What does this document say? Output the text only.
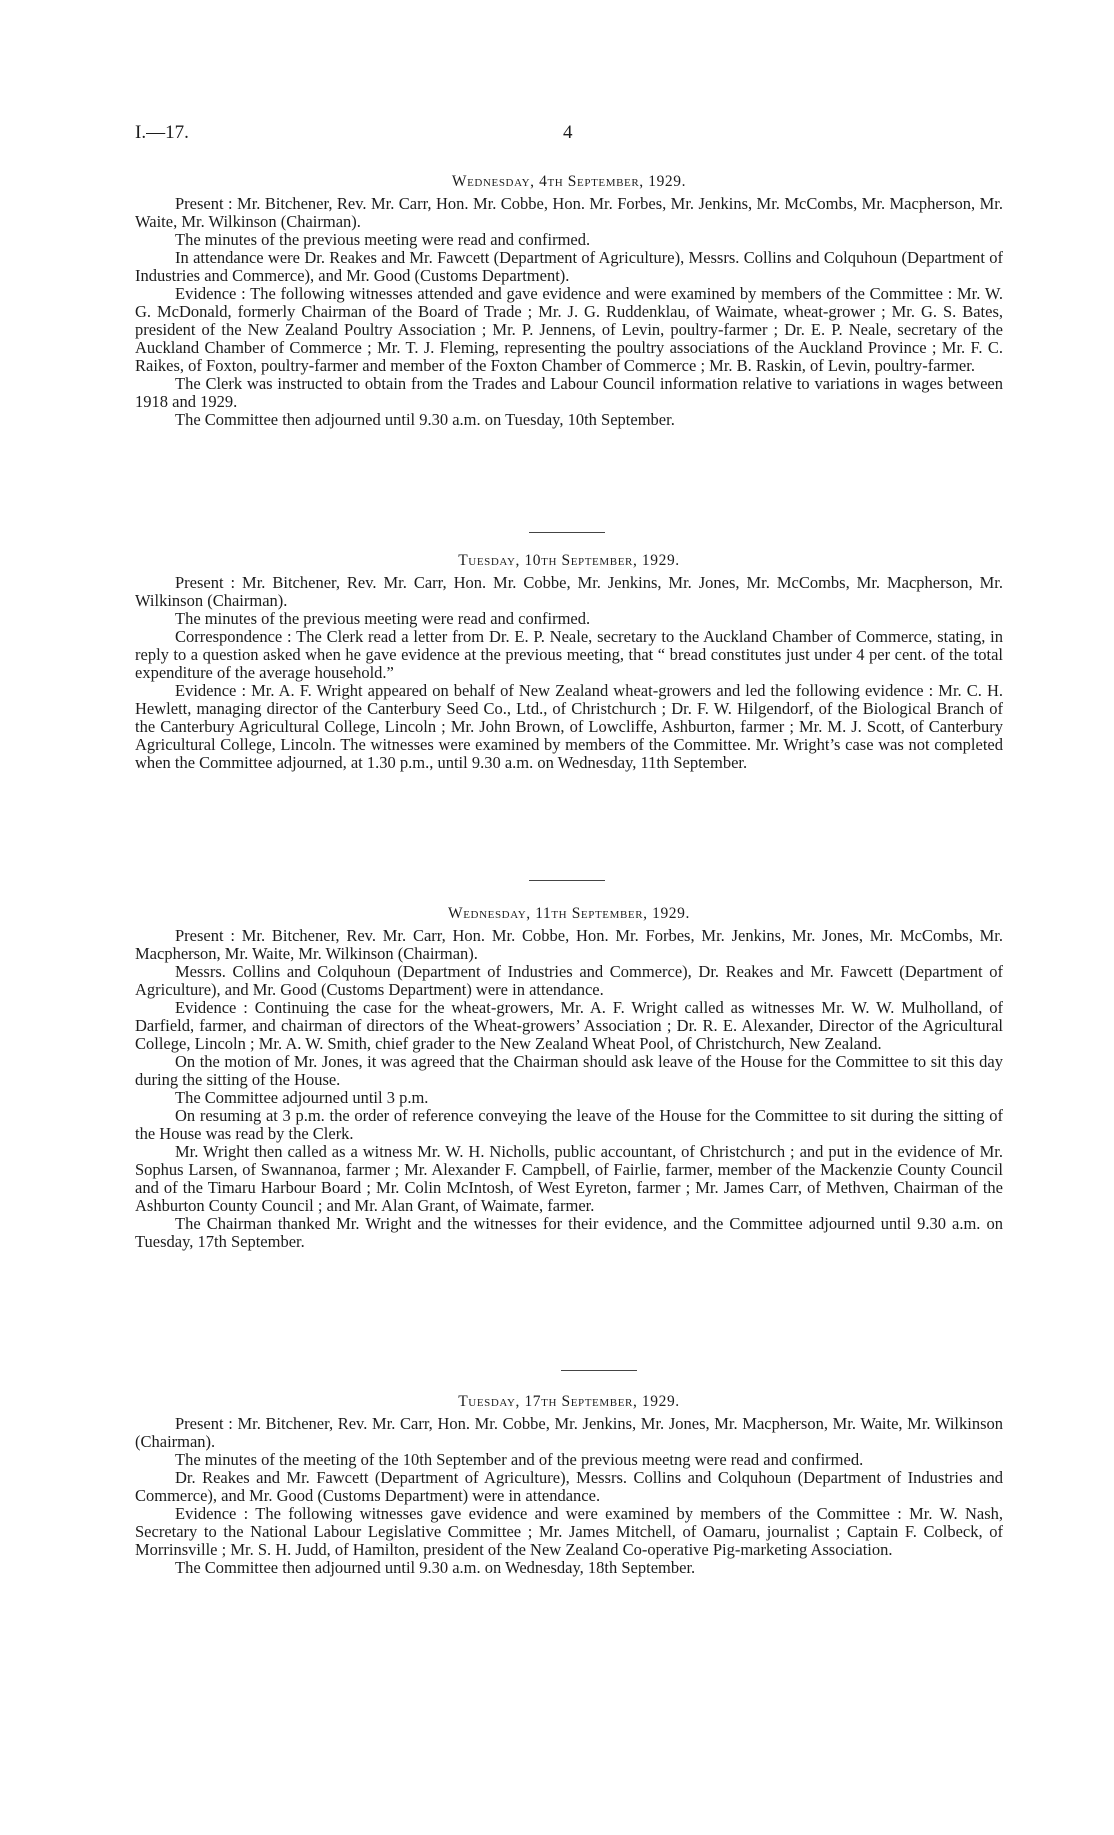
I.—17.	4
Wednesday, 4th September, 1929.

Present : Mr. Bitchener, Rev. Mr. Carr, Hon. Mr. Cobbe, Hon. Mr. Forbes, Mr. Jenkins, Mr. McCombs, Mr. Macpherson, Mr. Waite, Mr. Wilkinson (Chairman).

The minutes of the previous meeting were read and confirmed.

In attendance were Dr. Reakes and Mr. Fawcett (Department of Agriculture), Messrs. Collins and Colquhoun (Department of Industries and Commerce), and Mr. Good (Customs Department).

Evidence : The following witnesses attended and gave evidence and were examined by members of the Committee : Mr. W. G. McDonald, formerly Chairman of the Board of Trade ; Mr. J. G. Ruddenklau, of Waimate, wheat-grower ; Mr. G. S. Bates, president of the New Zealand Poultry Association ; Mr. P. Jennens, of Levin, poultry-farmer ; Dr. E. P. Neale, secretary of the Auckland Chamber of Commerce ; Mr. T. J. Fleming, representing the poultry associations of the Auckland Province ; Mr. F. C. Raikes, of Foxton, poultry-farmer and member of the Foxton Chamber of Commerce ; Mr. B. Raskin, of Levin, poultry-farmer.

The Clerk was instructed to obtain from the Trades and Labour Council information relative to variations in wages between 1918 and 1929.

The Committee then adjourned until 9.30 a.m. on Tuesday, 10th September.

Tuesday, 10th September, 1929.

Present : Mr. Bitchener, Rev. Mr. Carr, Hon. Mr. Cobbe, Mr. Jenkins, Mr. Jones, Mr. McCombs, Mr. Macpherson, Mr. Wilkinson (Chairman).

The minutes of the previous meeting were read and confirmed.

Correspondence : The Clerk read a letter from Dr. E. P. Neale, secretary to the Auckland Chamber of Commerce, stating, in reply to a question asked when he gave evidence at the previous meeting, that “ bread constitutes just under 4 per cent. of the total expenditure of the average household.”

Evidence : Mr. A. F. Wright appeared on behalf of New Zealand wheat-growers and led the following evidence : Mr. C. H. Hewlett, managing director of the Canterbury Seed Co., Ltd., of Christchurch ; Dr. F. W. Hilgendorf, of the Biological Branch of the Canterbury Agricultural College, Lincoln ; Mr. John Brown, of Lowcliffe, Ashburton, farmer ; Mr. M. J. Scott, of Canterbury Agricultural College, Lincoln. The witnesses were examined by members of the Committee. Mr. Wright’s case was not completed when the Committee adjourned, at 1.30 p.m., until 9.30 a.m. on Wednesday, 11th September.

Wednesday, 11th September, 1929.

Present : Mr. Bitchener, Rev. Mr. Carr, Hon. Mr. Cobbe, Hon. Mr. Forbes, Mr. Jenkins, Mr. Jones, Mr. McCombs, Mr. Macpherson, Mr. Waite, Mr. Wilkinson (Chairman).

Messrs. Collins and Colquhoun (Department of Industries and Commerce), Dr. Reakes and Mr. Fawcett (Department of Agriculture), and Mr. Good (Customs Department) were in attendance.

Evidence : Continuing the case for the wheat-growers, Mr. A. F. Wright called as witnesses Mr. W. W. Mulholland, of Darfield, farmer, and chairman of directors of the Wheat-growers’ Association ; Dr. R. E. Alexander, Director of the Agricultural College, Lincoln ; Mr. A. W. Smith, chief grader to the New Zealand Wheat Pool, of Christchurch, New Zealand.

On the motion of Mr. Jones, it was agreed that the Chairman should ask leave of the House for the Committee to sit this day during the sitting of the House.

The Committee adjourned until 3 p.m.

On resuming at 3 p.m. the order of reference conveying the leave of the House for the Committee to sit during the sitting of the House was read by the Clerk.

Mr. Wright then called as a witness Mr. W. H. Nicholls, public accountant, of Christchurch ; and put in the evidence of Mr. Sophus Larsen, of Swannanoa, farmer ; Mr. Alexander F. Campbell, of Fairlie, farmer, member of the Mackenzie County Council and of the Timaru Harbour Board ; Mr. Colin McIntosh, of West Eyreton, farmer ; Mr. James Carr, of Methven, Chairman of the Ashburton County Council ; and Mr. Alan Grant, of Waimate, farmer.

The Chairman thanked Mr. Wright and the witnesses for their evidence, and the Committee adjourned until 9.30 a.m. on Tuesday, 17th September.

Tuesday, 17th September, 1929.

Present : Mr. Bitchener, Rev. Mr. Carr, Hon. Mr. Cobbe, Mr. Jenkins, Mr. Jones, Mr. Macpherson, Mr. Waite, Mr. Wilkinson (Chairman).

The minutes of the meeting of the 10th September and of the previous meetng were read and confirmed.

Dr. Reakes and Mr. Fawcett (Department of Agriculture), Messrs. Collins and Colquhoun (Department of Industries and Commerce), and Mr. Good (Customs Department) were in attendance.

Evidence : The following witnesses gave evidence and were examined by members of the Committee : Mr. W. Nash, Secretary to the National Labour Legislative Committee ; Mr. James Mitchell, of Oamaru, journalist ; Captain F. Colbeck, of Morrinsville ; Mr. S. H. Judd, of Hamilton, president of the New Zealand Co-operative Pig-marketing Association.

The Committee then adjourned until 9.30 a.m. on Wednesday, 18th September.
